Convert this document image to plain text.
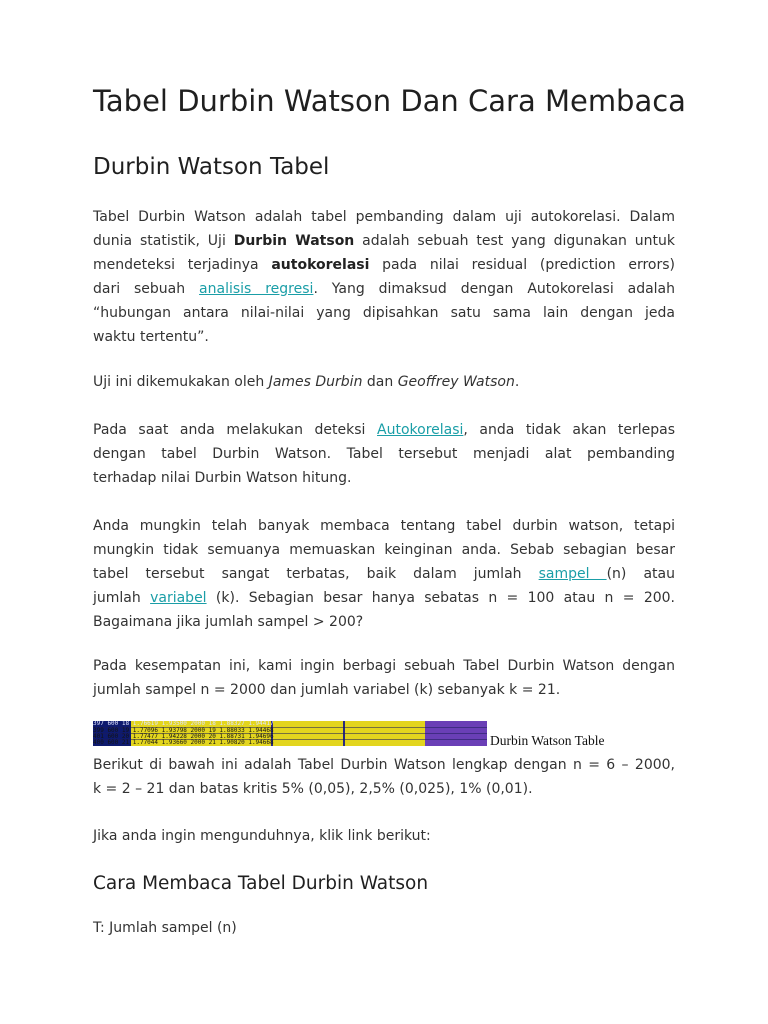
Tabel Durbin Watson Dan Cara Membaca
Durbin Watson Tabel
Tabel Durbin Watson adalah tabel pembanding dalam uji autokorelasi. Dalam
dunia statistik, Uji Durbin Watson adalah sebuah test yang digunakan untuk
mendeteksi terjadinya autokorelasi pada nilai residual (prediction errors)
dari sebuah analisis regresi. Yang dimaksud dengan Autokorelasi adalah
“hubungan antara nilai-nilai yang dipisahkan satu sama lain dengan jeda
waktu tertentu”.
Uji ini dikemukakan oleh James Durbin dan Geoffrey Watson.
Pada saat anda melakukan deteksi Autokorelasi, anda tidak akan terlepas
dengan tabel Durbin Watson. Tabel tersebut menjadi alat pembanding
terhadap nilai Durbin Watson hitung.
Anda mungkin telah banyak membaca tentang tabel durbin watson, tetapi
mungkin tidak semuanya memuaskan keinginan anda. Sebab sebagian besar
tabel tersebut sangat terbatas, baik dalam jumlah sampel (n) atau
jumlah variabel (k). Sebagian besar hanya sebatas n = 100 atau n = 200.
Bagaimana jika jumlah sampel > 200?
Pada kesempatan ini, kami ingin berbagi sebuah Tabel Durbin Watson dengan
jumlah sampel n = 2000 dan jumlah variabel (k) sebanyak k = 21.
397 600 18 1.76619 1.93500 2000 18 1.88327 1.94417
399 600 19 1.77096 1.93798 2000 19 1.88033 1.94468
401 600 20 1.77477 1.94228 2000 20 1.88731 1.94696
400 600 21 1.77044 1.93660 2000 21 1.90820 1.94668	Durbin Watson Table
Berikut di bawah ini adalah Tabel Durbin Watson lengkap dengan n = 6 – 2000,
k = 2 – 21 dan batas kritis 5% (0,05), 2,5% (0,025), 1% (0,01).
Jika anda ingin mengunduhnya, klik link berikut:
Cara Membaca Tabel Durbin Watson
T: Jumlah sampel (n)
